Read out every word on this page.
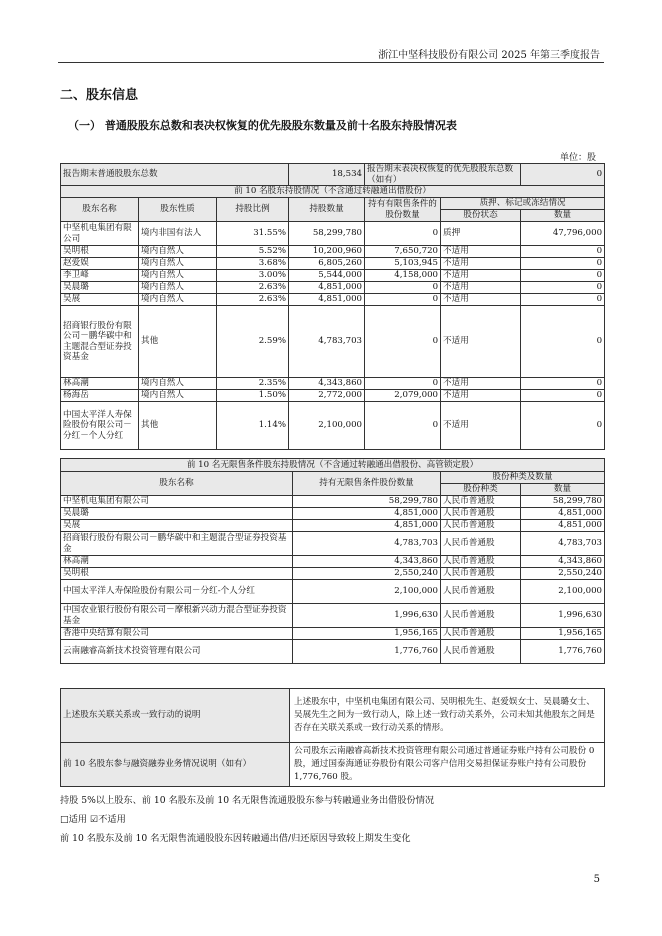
浙江中坚科技股份有限公司 2025 年第三季度报告
二、股东信息
（一） 普通股股东总数和表决权恢复的优先股股东数量及前十名股东持股情况表
单位：股
报告期末普通股股东总数			18,534	报告期末表决权恢复的优先股股东总数（如有）		0
前 10 名股东持股情况（不含通过转融通出借股份）						
股东名称	股东性质	持股比例	持股数量	持有有限售条件的股份数量	质押、标记或冻结情况	
					股份状态	数量
中坚机电集团有限公司	境内非国有法人	31.55%	58,299,780	0	质押	47,796,000
吴明根	境内自然人	5.52%	10,200,960	7,650,720	不适用	0
赵爱娱	境内自然人	3.68%	6,805,260	5,103,945	不适用	0
李卫峰	境内自然人	3.00%	5,544,000	4,158,000	不适用	0
吴晨璐	境内自然人	2.63%	4,851,000	0	不适用	0
吴展	境内自然人	2.63%	4,851,000	0	不适用	0
招商银行股份有限公司－鹏华碳中和主题混合型证券投资基金	其他	2.59%	4,783,703	0	不适用	0
林高潮	境内自然人	2.35%	4,343,860	0	不适用	0
杨海岳	境内自然人	1.50%	2,772,000	2,079,000	不适用	0
中国太平洋人寿保险股份有限公司－分红－个人分红	其他	1.14%	2,100,000	0	不适用	0
前 10 名无限售条件股东持股情况（不含通过转融通出借股份、高管锁定股）			
股东名称	持有无限售条件股份数量	股份种类及数量	
		股份种类	数量
中坚机电集团有限公司	58,299,780	人民币普通股	58,299,780
吴晨璐	4,851,000	人民币普通股	4,851,000
吴展	4,851,000	人民币普通股	4,851,000
招商银行股份有限公司－鹏华碳中和主题混合型证券投资基金	4,783,703	人民币普通股	4,783,703
林高潮	4,343,860	人民币普通股	4,343,860
吴明根	2,550,240	人民币普通股	2,550,240
中国太平洋人寿保险股份有限公司－分红-个人分红	2,100,000	人民币普通股	2,100,000
中国农业银行股份有限公司－摩根新兴动力混合型证券投资基金	1,996,630	人民币普通股	1,996,630
香港中央结算有限公司	1,956,165	人民币普通股	1,956,165
云南融睿高新技术投资管理有限公司	1,776,760	人民币普通股	1,776,760
上述股东关联关系或一致行动的说明	上述股东中，中坚机电集团有限公司、吴明根先生、赵爱娱女士、吴晨璐女士、吴展先生之间为一致行动人，除上述一致行动关系外，公司未知其他股东之间是否存在关联关系或一致行动关系的情形。
前 10 名股东参与融资融券业务情况说明（如有）	公司股东云南融睿高新技术投资管理有限公司通过普通证券账户持有公司股份 0 股，通过国泰海通证券股份有限公司客户信用交易担保证券账户持有公司股份 1,776,760 股。
持股 5%以上股东、前 10 名股东及前 10 名无限售流通股股东参与转融通业务出借股份情况
□适用 ☑不适用
前 10 名股东及前 10 名无限售流通股股东因转融通出借/归还原因导致较上期发生变化
5
